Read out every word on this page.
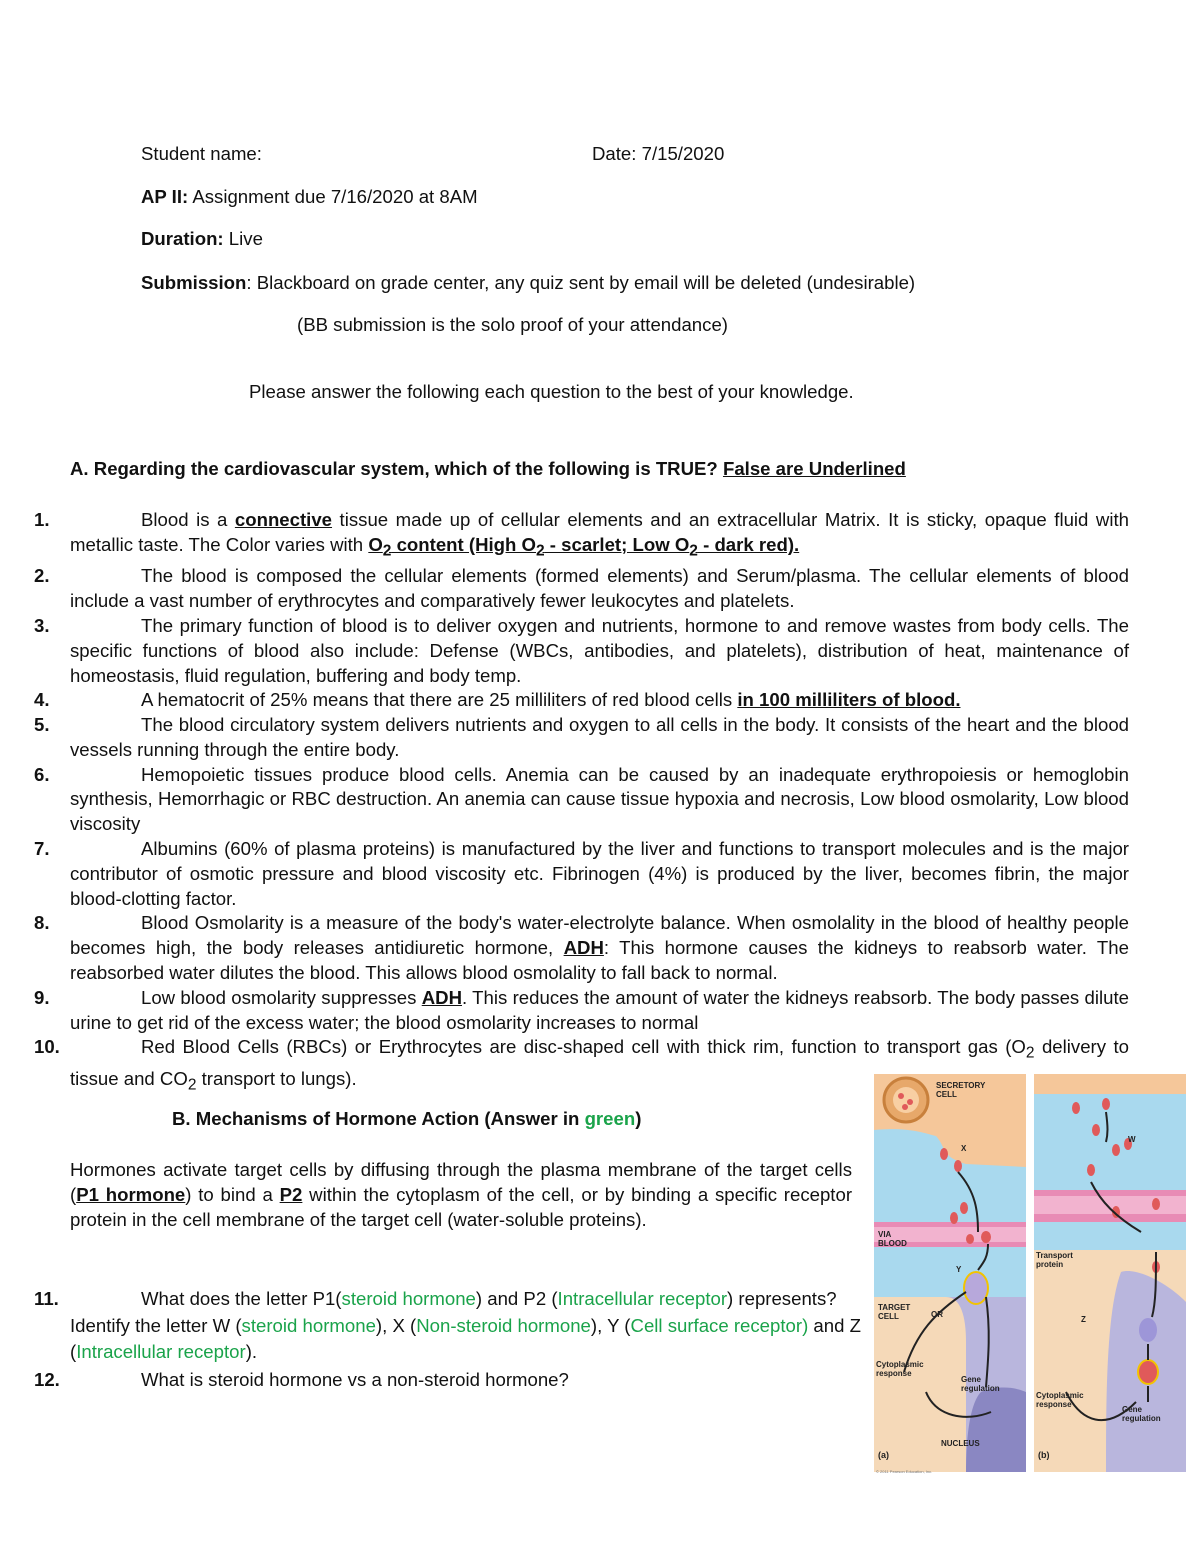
Student name:	Date: 7/15/2020
AP II: Assignment due 7/16/2020 at 8AM
Duration: Live
Submission: Blackboard on grade center, any quiz sent by email will be deleted (undesirable)
(BB submission is the solo proof of your attendance)
Please answer the following each question to the best of your knowledge.
A. Regarding the cardiovascular system, which of the following is TRUE? False are Underlined
1.	Blood is a connective tissue made up of cellular elements and an extracellular Matrix. It is sticky, opaque fluid with metallic taste. The Color varies with $O_2$ content (High $O_2$ - scarlet; Low $O_2$ - dark red).
2.	The blood is composed the cellular elements (formed elements) and Serum/plasma. The cellular elements of blood include a vast number of erythrocytes and comparatively fewer leukocytes and platelets.
3.	The primary function of blood is to deliver oxygen and nutrients, hormone to and remove wastes from body cells. The specific functions of blood also include: Defense (WBCs, antibodies, and platelets), distribution of heat, maintenance of homeostasis, fluid regulation, buffering and body temp.
4.	A hematocrit of 25% means that there are 25 milliliters of red blood cells in 100 milliliters of blood.
5.	The blood circulatory system delivers nutrients and oxygen to all cells in the body. It consists of the heart and the blood vessels running through the entire body.
6.	Hemopoietic tissues produce blood cells. Anemia can be caused by an inadequate erythropoiesis or hemoglobin synthesis, Hemorrhagic or RBC destruction. An anemia can cause tissue hypoxia and necrosis, Low blood osmolarity, Low blood viscosity
7.	Albumins (60% of plasma proteins) is manufactured by the liver and functions to transport molecules and is the major contributor of osmotic pressure and blood viscosity etc. Fibrinogen (4%) is produced by the liver, becomes fibrin, the major blood-clotting factor.
8.	Blood Osmolarity is a measure of the body's water-electrolyte balance. When osmolality in the blood of healthy people becomes high, the body releases antidiuretic hormone, ADH: This hormone causes the kidneys to reabsorb water. The reabsorbed water dilutes the blood. This allows blood osmolality to fall back to normal.
9.	Low blood osmolarity suppresses ADH. This reduces the amount of water the kidneys reabsorb. The body passes dilute urine to get rid of the excess water; the blood osmolarity increases to normal
10.	Red Blood Cells (RBCs) or Erythrocytes are disc-shaped cell with thick rim, function to transport gas ($O_2$ delivery to tissue and $CO_2$ transport to lungs).
B. Mechanisms of Hormone Action (Answer in green)
Hormones activate target cells by diffusing through the plasma membrane of the target cells (P1 hormone) to bind a P2 within the cytoplasm of the cell, or by binding a specific receptor protein in the cell membrane of the target cell (water-soluble proteins).
11.	What does the letter P1(steroid hormone) and P2 (Intracellular receptor) represents? Identify the letter W (steroid hormone), X (Non-steroid hormone), Y (Cell surface receptor) and Z (Intracellular receptor).
12.	What is steroid hormone vs a non-steroid hormone?
SECRETORY CELL
X
VIA BLOOD
Y
TARGET CELL	OR
Cytoplasmic response
Gene regulation
NUCLEUS
(a)
W
Transport protein
Z
Cytoplasmic response
Gene regulation
(b)
© 2011 Pearson Education, Inc.
